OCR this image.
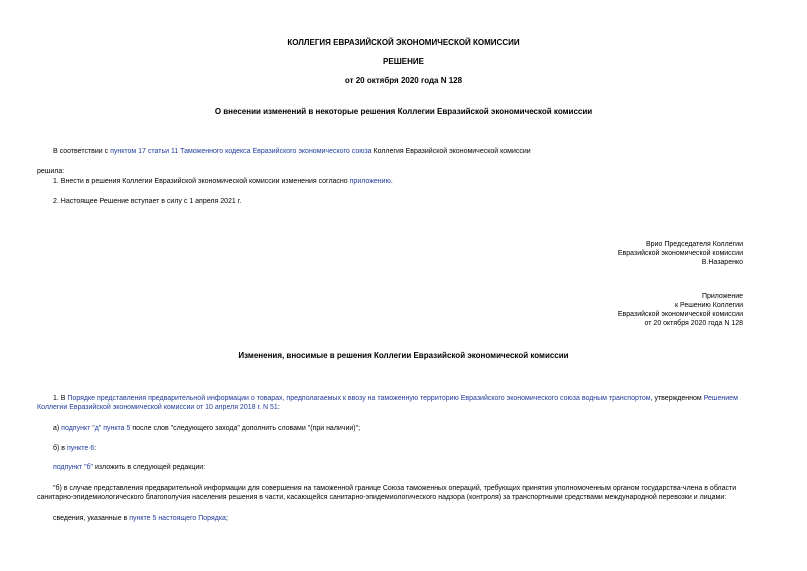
КОЛЛЕГИЯ ЕВРАЗИЙСКОЙ ЭКОНОМИЧЕСКОЙ КОМИССИИ
РЕШЕНИЕ
от 20 октября 2020 года N 128
О внесении изменений в некоторые решения Коллегии Евразийской экономической комиссии
В соответствии с пунктом 17 статьи 11 Таможенного кодекса Евразийского экономического союза Коллегия Евразийской экономической комиссии
решила:
1. Внести в решения Коллегии Евразийской экономической комиссии изменения согласно приложению.
2. Настоящее Решение вступает в силу с 1 апреля 2021 г.
Врио Председателя Коллегии
Евразийской экономической комиссии
В.Назаренко
Приложение
к Решению Коллегии
Евразийской экономической комиссии
от 20 октября 2020 года N 128
Изменения, вносимые в решения Коллегии Евразийской экономической комиссии
1. В Порядке представления предварительной информации о товарах, предполагаемых к ввозу на таможенную территорию Евразийского экономического союза водным транспортом, утвержденном Решением Коллегии Евразийской экономической комиссии от 10 апреля 2018 г. N 51:
а) подпункт "д" пункта 5 после слов "следующего захода" дополнить словами "(при наличии)";
б) в пункте 6:
подпункт "б" изложить в следующей редакции:
"б) в случае представления предварительной информации для совершения на таможенной границе Союза таможенных операций, требующих принятия уполномоченным органом государства-члена в области санитарно-эпидемиологического благополучия населения решения в части, касающейся санитарно-эпидемиологического надзора (контроля) за транспортными средствами международной перевозки и лицами:
сведения, указанные в пункте 5 настоящего Порядка;
